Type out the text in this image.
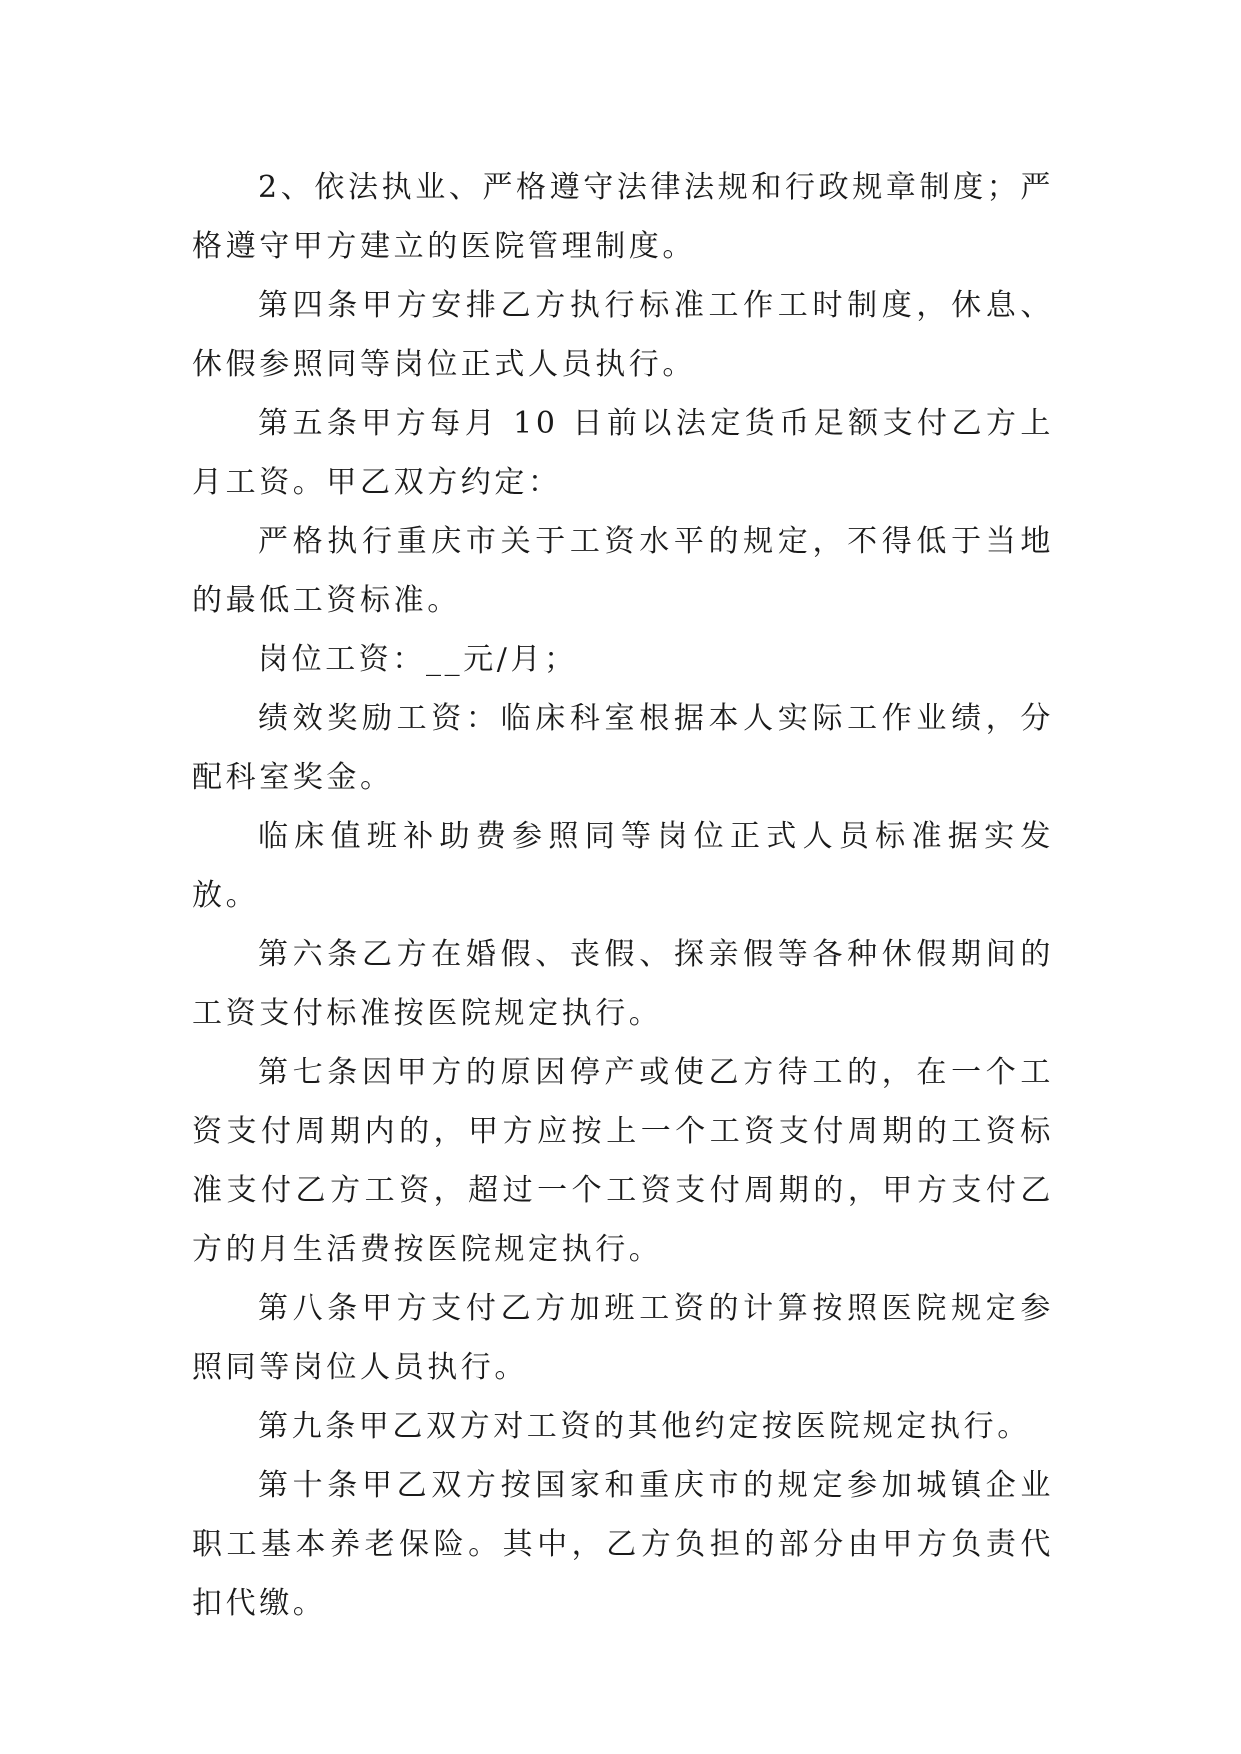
2、依法执业、严格遵守法律法规和行政规章制度；严格遵守甲方建立的医院管理制度。

第四条甲方安排乙方执行标准工作工时制度，休息、休假参照同等岗位正式人员执行。

第五条甲方每月 10 日前以法定货币足额支付乙方上月工资。甲乙双方约定：

严格执行重庆市关于工资水平的规定，不得低于当地的最低工资标准。

岗位工资：__元/月；

绩效奖励工资：临床科室根据本人实际工作业绩，分配科室奖金。

临床值班补助费参照同等岗位正式人员标准据实发放。

第六条乙方在婚假、丧假、探亲假等各种休假期间的工资支付标准按医院规定执行。

第七条因甲方的原因停产或使乙方待工的，在一个工资支付周期内的，甲方应按上一个工资支付周期的工资标准支付乙方工资，超过一个工资支付周期的，甲方支付乙方的月生活费按医院规定执行。

第八条甲方支付乙方加班工资的计算按照医院规定参照同等岗位人员执行。

第九条甲乙双方对工资的其他约定按医院规定执行。

第十条甲乙双方按国家和重庆市的规定参加城镇企业职工基本养老保险。其中，乙方负担的部分由甲方负责代扣代缴。
